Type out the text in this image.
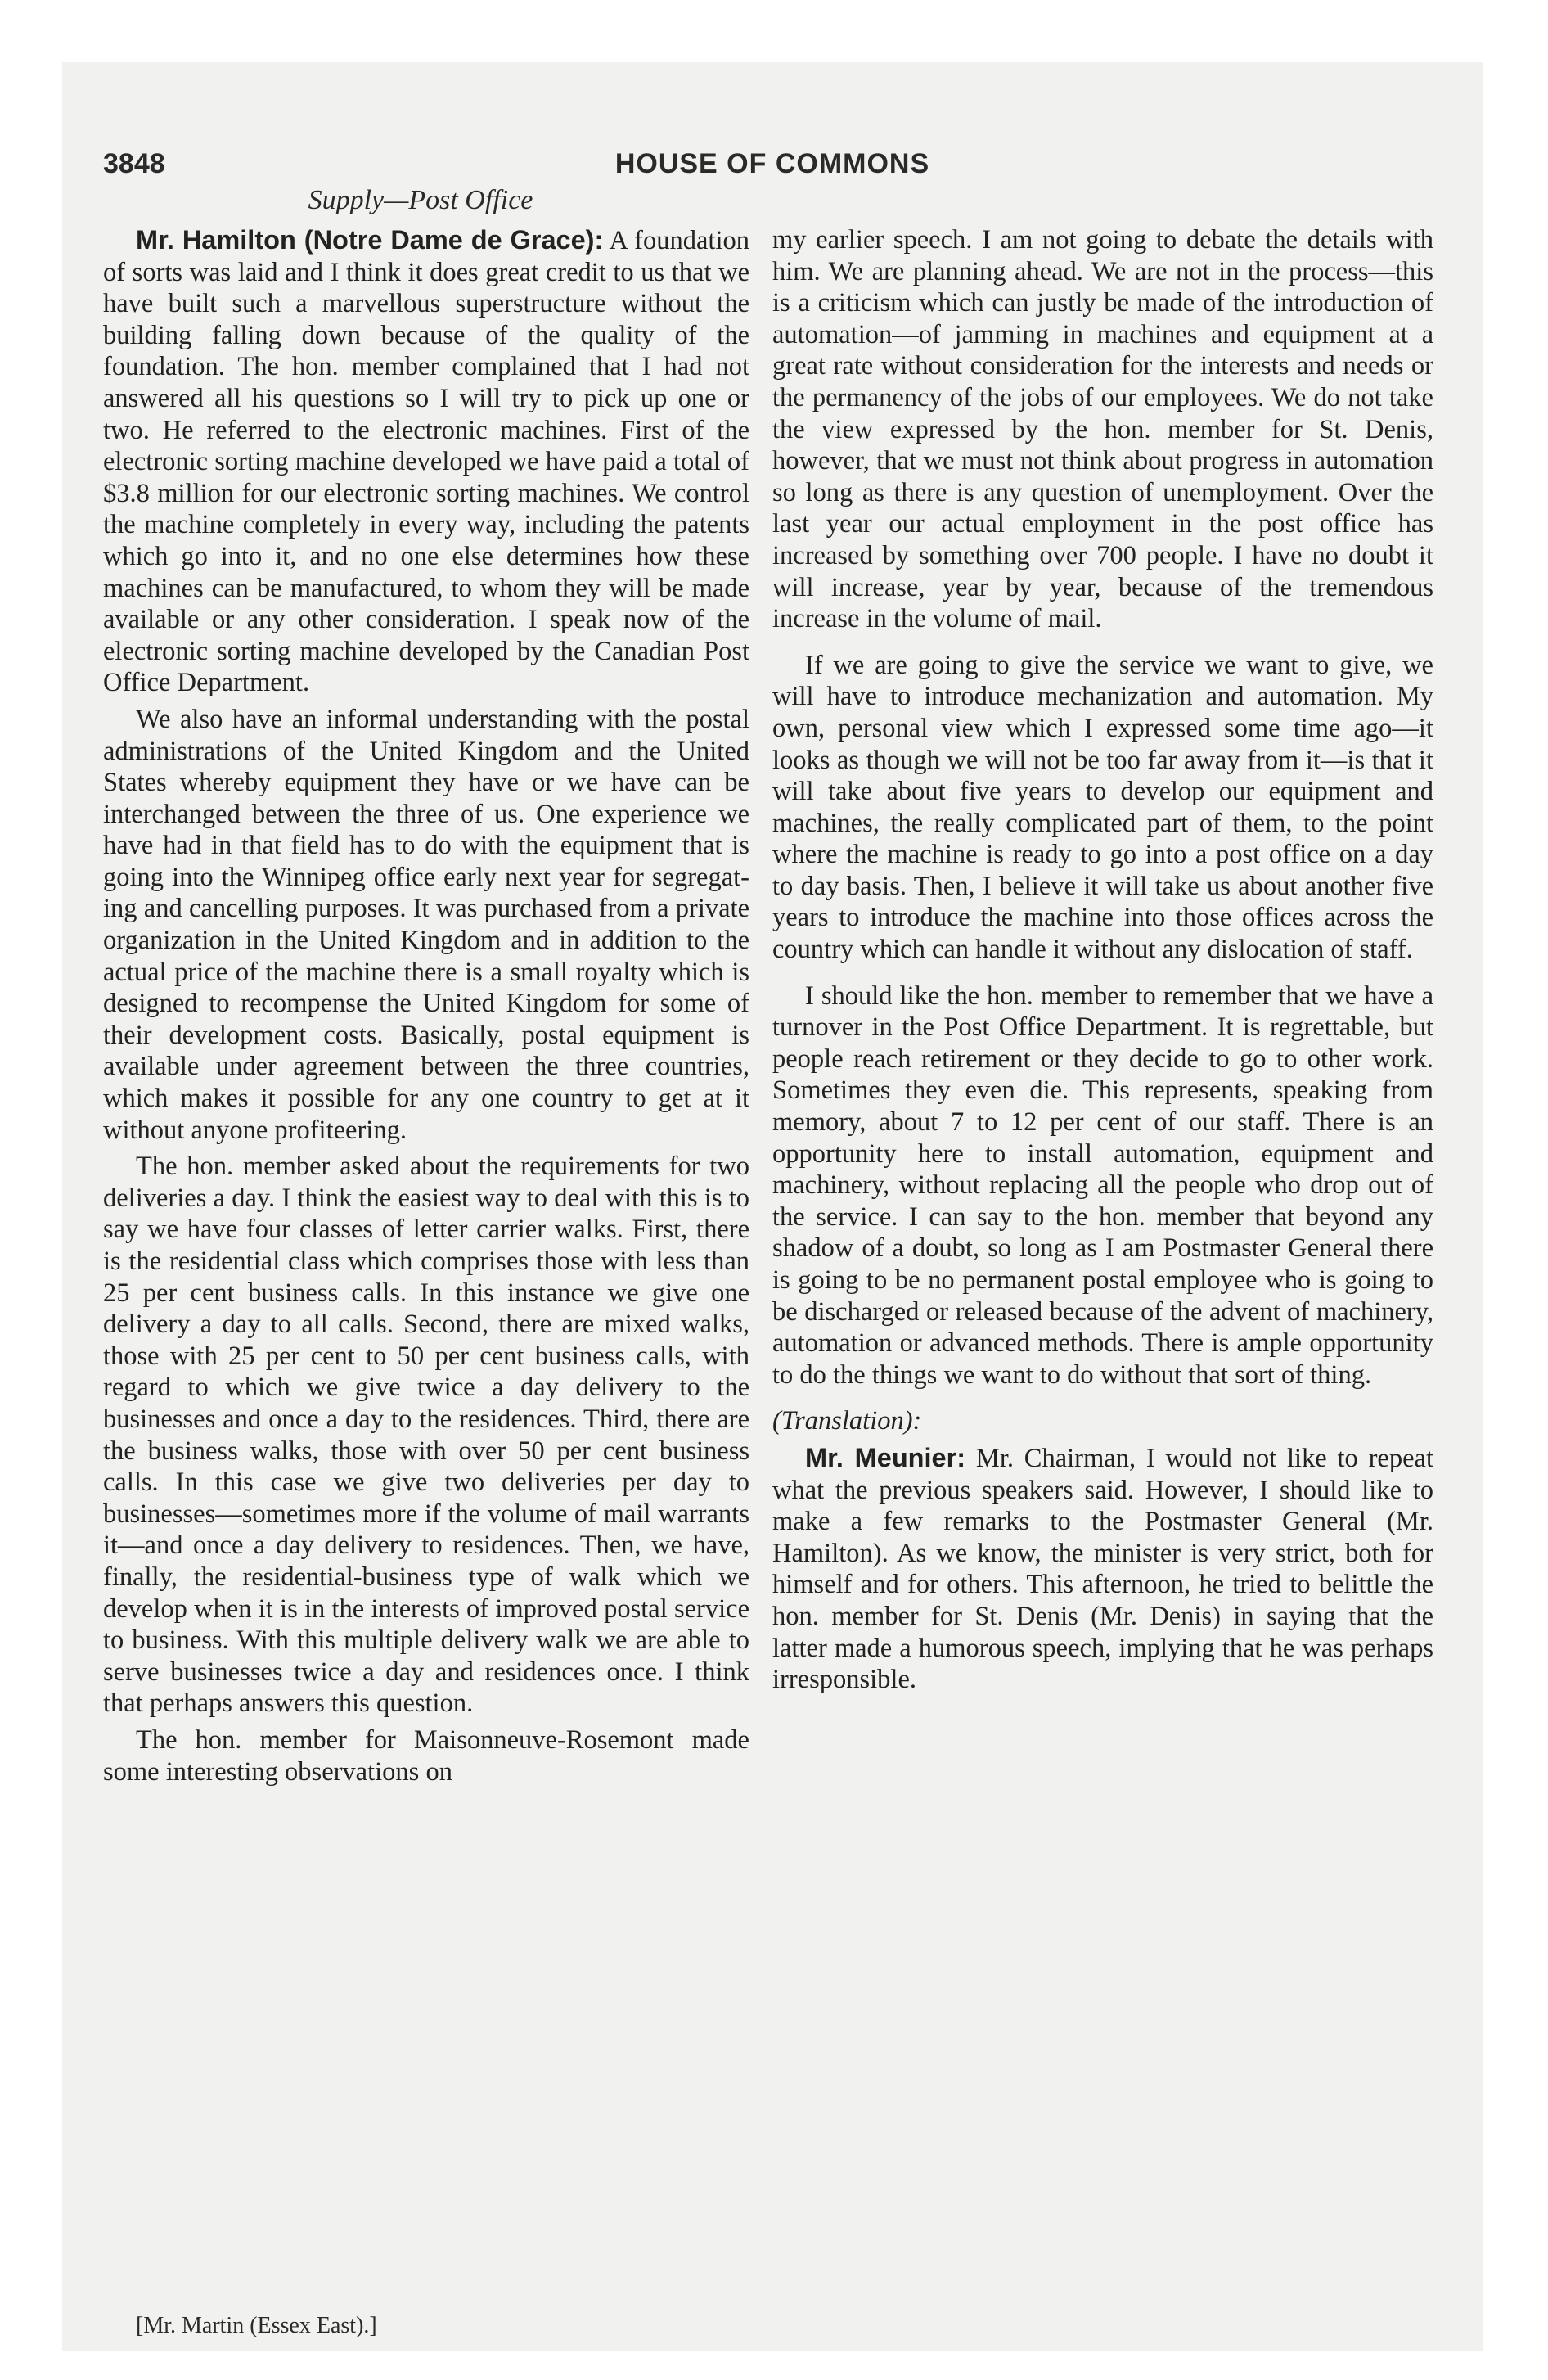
3848	HOUSE OF COMMONS
Supply—Post Office

Mr. Hamilton (Notre Dame de Grace): A foundation of sorts was laid and I think it does great credit to us that we have built such a marvellous superstructure without the building falling down because of the quality of the foundation. The hon. member complained that I had not answered all his questions so I will try to pick up one or two. He referred to the electronic machines. First of the electronic sorting machine developed we have paid a total of $3.8 million for our electronic sorting machines. We control the machine completely in every way, including the patents which go into it, and no one else determines how these machines can be manufactured, to whom they will be made available or any other consideration. I speak now of the electronic sorting machine developed by the Canadian Post Office Department.

We also have an informal understanding with the postal administrations of the United Kingdom and the United States whereby equipment they have or we have can be interchanged between the three of us. One experience we have had in that field has to do with the equipment that is going into the Winnipeg office early next year for segregating and cancelling purposes. It was purchased from a private organization in the United Kingdom and in addition to the actual price of the machine there is a small royalty which is designed to recompense the United Kingdom for some of their development costs. Basically, postal equipment is available under agreement between the three countries, which makes it possible for any one country to get at it without anyone profiteering.

The hon. member asked about the requirements for two deliveries a day. I think the easiest way to deal with this is to say we have four classes of letter carrier walks. First, there is the residential class which comprises those with less than 25 per cent business calls. In this instance we give one delivery a day to all calls. Second, there are mixed walks, those with 25 per cent to 50 per cent business calls, with regard to which we give twice a day delivery to the businesses and once a day to the residences. Third, there are the business walks, those with over 50 per cent business calls. In this case we give two deliveries per day to businesses—sometimes more if the volume of mail warrants it—and once a day delivery to residences. Then, we have, finally, the residential-business type of walk which we develop when it is in the interests of improved postal service to business. With this multiple delivery walk we are able to serve businesses twice a day and residences once. I think that perhaps answers this question.

The hon. member for Maisonneuve-Rosemont made some interesting observations on

my earlier speech. I am not going to debate the details with him. We are planning ahead. We are not in the process—this is a criticism which can justly be made of the introduction of automation—of jamming in machines and equipment at a great rate without consideration for the interests and needs or the permanency of the jobs of our employees. We do not take the view expressed by the hon. member for St. Denis, however, that we must not think about progress in automation so long as there is any question of unemployment. Over the last year our actual employment in the post office has increased by something over 700 people. I have no doubt it will increase, year by year, because of the tremendous increase in the volume of mail.

If we are going to give the service we want to give, we will have to introduce mechanization and automation. My own, personal view which I expressed some time ago—it looks as though we will not be too far away from it—is that it will take about five years to develop our equipment and machines, the really complicated part of them, to the point where the machine is ready to go into a post office on a day to day basis. Then, I believe it will take us about another five years to introduce the machine into those offices across the country which can handle it without any dislocation of staff.

I should like the hon. member to remember that we have a turnover in the Post Office Department. It is regrettable, but people reach retirement or they decide to go to other work. Sometimes they even die. This represents, speaking from memory, about 7 to 12 per cent of our staff. There is an opportunity here to install automation, equipment and machinery, without replacing all the people who drop out of the service. I can say to the hon. member that beyond any shadow of a doubt, so long as I am Postmaster General there is going to be no permanent postal employee who is going to be discharged or released because of the advent of machinery, automation or advanced methods. There is ample opportunity to do the things we want to do without that sort of thing.

(Translation):

Mr. Meunier: Mr. Chairman, I would not like to repeat what the previous speakers said. However, I should like to make a few remarks to the Postmaster General (Mr. Hamilton). As we know, the minister is very strict, both for himself and for others. This afternoon, he tried to belittle the hon. member for St. Denis (Mr. Denis) in saying that the latter made a humorous speech, implying that he was perhaps irresponsible.

[Mr. Martin (Essex East).]
